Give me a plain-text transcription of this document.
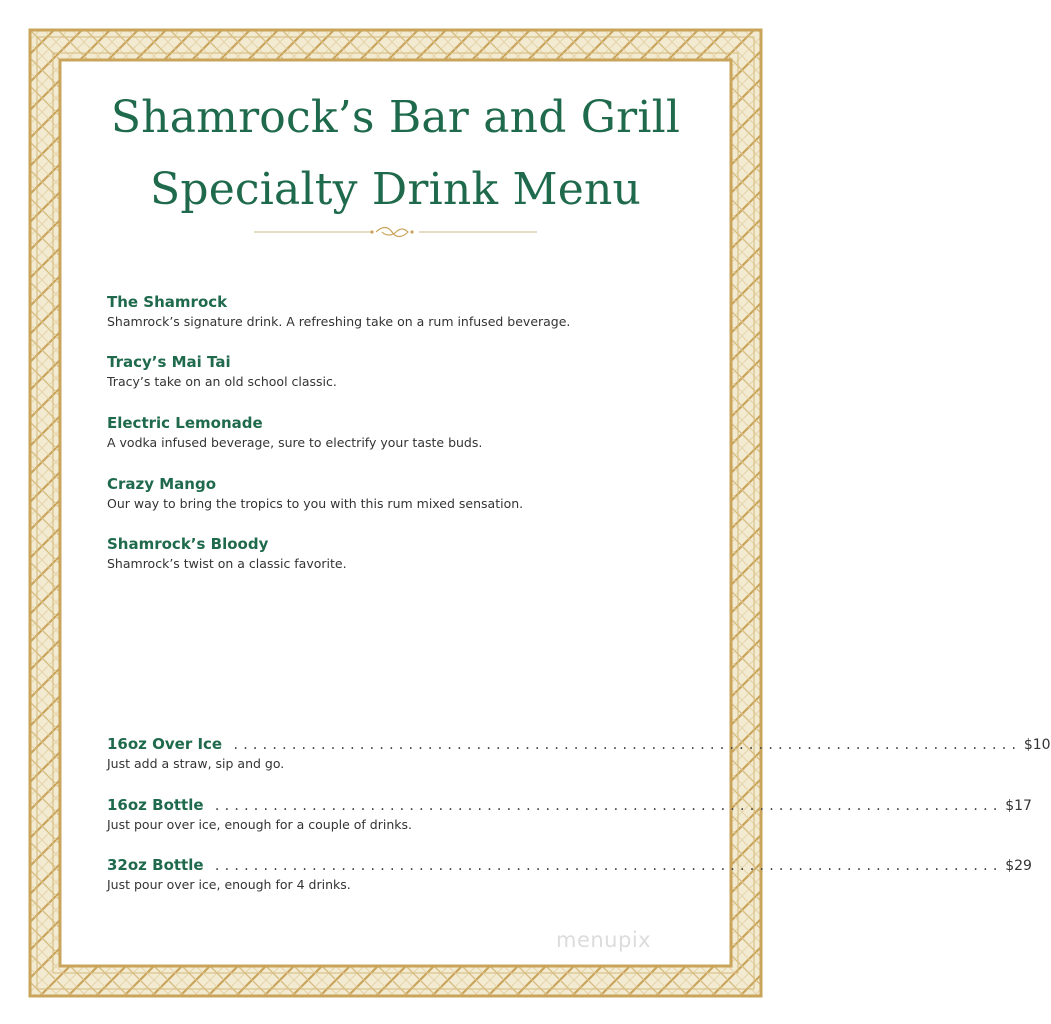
Shamrock’s Bar and Grill
Specialty Drink Menu

The Shamrock

Shamrock’s signature drink. A refreshing take on a rum infused beverage.

Tracy’s Mai Tai

Tracy’s take on an old school classic.

Electric Lemonade

A vodka infused beverage, sure to electrify your taste buds.

Crazy Mango

Our way to bring the tropics to you with this rum mixed sensation.

Shamrock’s Bloody

Shamrock’s twist on a classic favorite.

16oz Over Ice ................................................................................. $10

Just add a straw, sip and go.

16oz Bottle ................................................................................. $17

Just pour over ice, enough for a couple of drinks.

32oz Bottle ................................................................................. $29

Just pour over ice, enough for 4 drinks.

menupix
